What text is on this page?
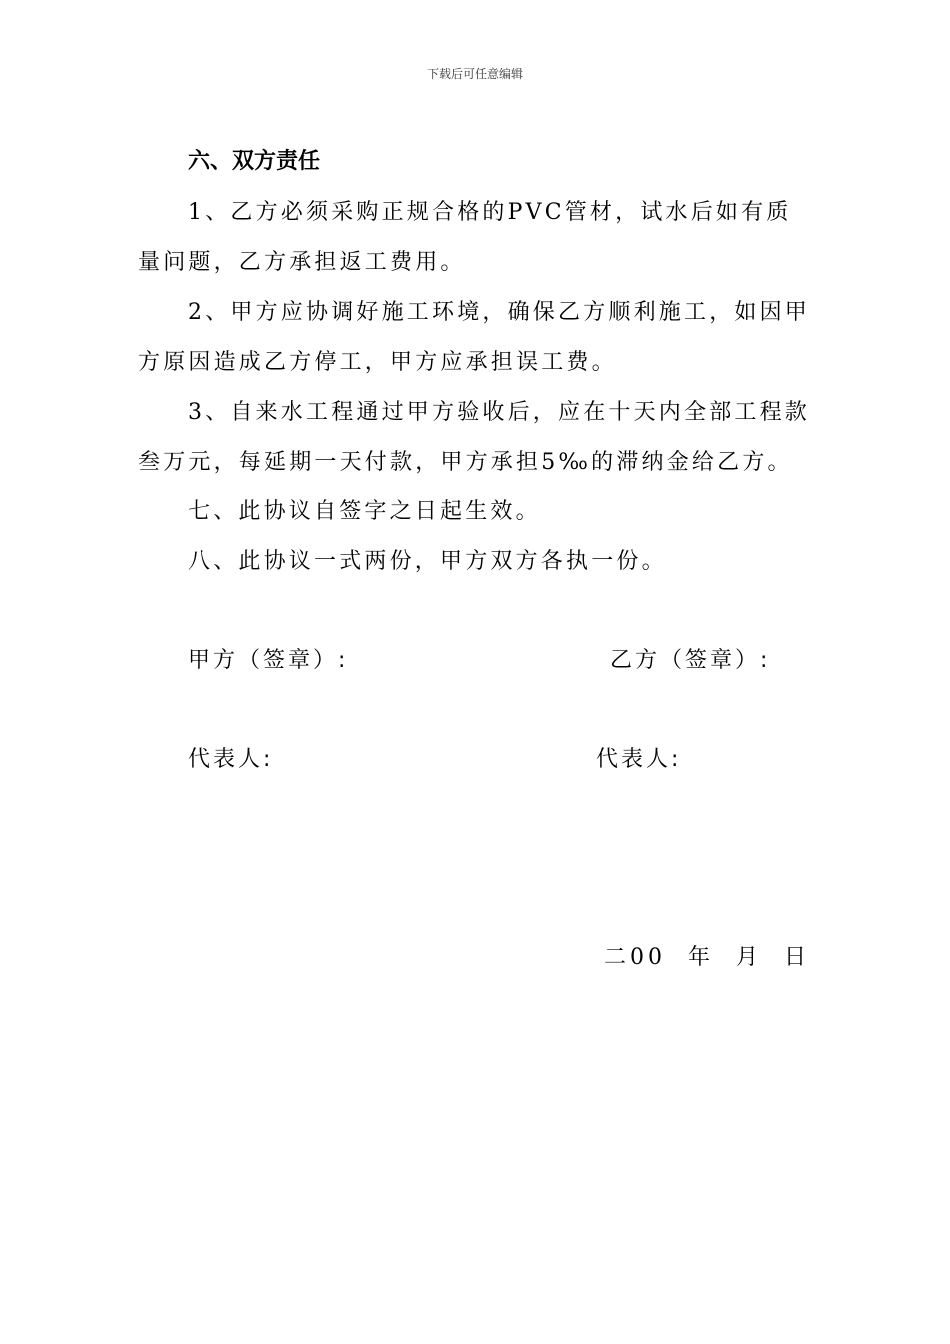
下载后可任意编辑
六、双方责任
1、乙方必须采购正规合格的PVC管材，试水后如有质
量问题，乙方承担返工费用。
2、甲方应协调好施工环境，确保乙方顺利施工，如因甲
方原因造成乙方停工，甲方应承担误工费。
3、自来水工程通过甲方验收后，应在十天内全部工程款
叁万元，每延期一天付款，甲方承担5‰的滞纳金给乙方。
七、此协议自签字之日起生效。
八、此协议一式两份，甲方双方各执一份。
甲方（签章）:	乙方（签章）:
代表人:	代表人:
二00  年  月  日
